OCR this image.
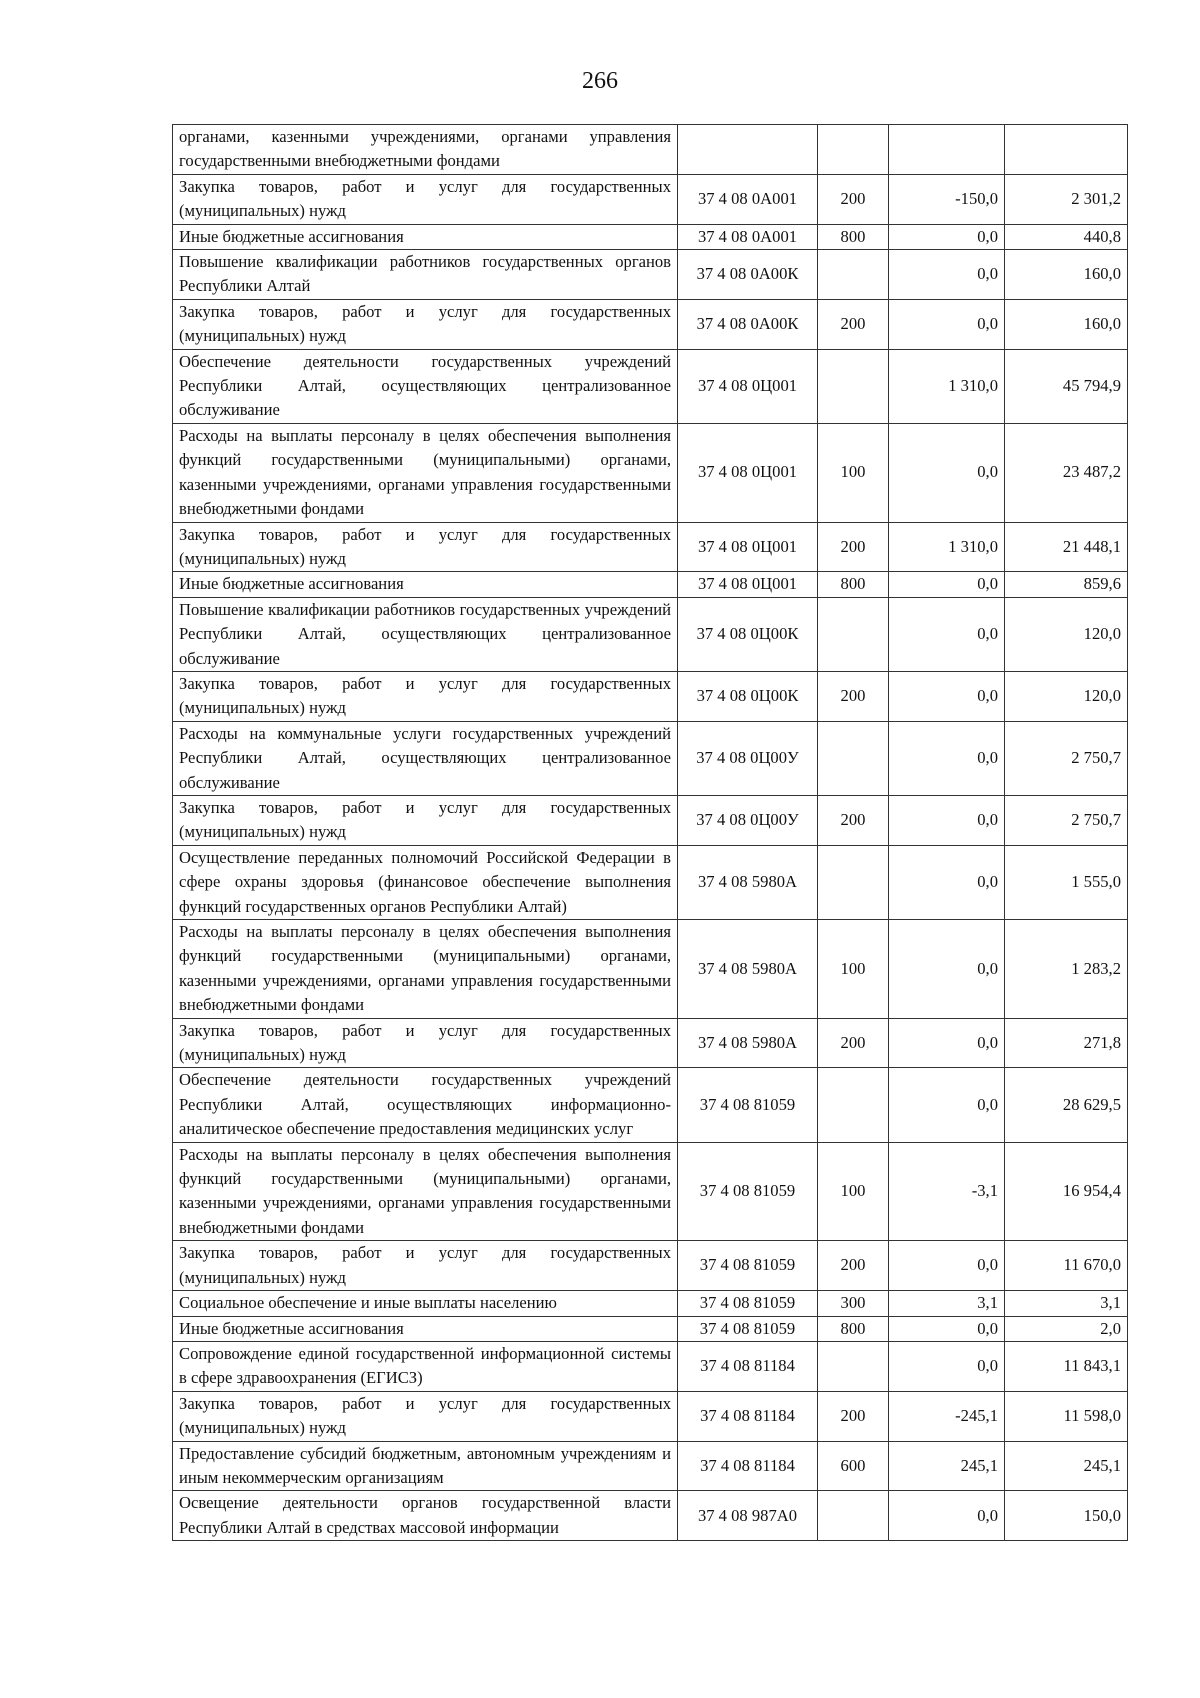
266
органами, казенными учреждениями, органами управления государственными внебюджетными фондами				
Закупка товаров, работ и услуг для государственных (муниципальных) нужд	37 4 08 0А001	200	-150,0	2 301,2
Иные бюджетные ассигнования	37 4 08 0А001	800	0,0	440,8
Повышение квалификации работников государственных органов Республики Алтай	37 4 08 0А00К		0,0	160,0
Закупка товаров, работ и услуг для государственных (муниципальных) нужд	37 4 08 0А00К	200	0,0	160,0
Обеспечение деятельности государственных учреждений Республики Алтай, осуществляющих централизованное обслуживание	37 4 08 0Ц001		1 310,0	45 794,9
Расходы на выплаты персоналу в целях обеспечения выполнения функций государственными (муниципальными) органами, казенными учреждениями, органами управления государственными внебюджетными фондами	37 4 08 0Ц001	100	0,0	23 487,2
Закупка товаров, работ и услуг для государственных (муниципальных) нужд	37 4 08 0Ц001	200	1 310,0	21 448,1
Иные бюджетные ассигнования	37 4 08 0Ц001	800	0,0	859,6
Повышение квалификации работников государственных учреждений Республики Алтай, осуществляющих централизованное обслуживание	37 4 08 0Ц00К		0,0	120,0
Закупка товаров, работ и услуг для государственных (муниципальных) нужд	37 4 08 0Ц00К	200	0,0	120,0
Расходы на коммунальные услуги государственных учреждений Республики Алтай, осуществляющих централизованное обслуживание	37 4 08 0Ц00У		0,0	2 750,7
Закупка товаров, работ и услуг для государственных (муниципальных) нужд	37 4 08 0Ц00У	200	0,0	2 750,7
Осуществление переданных полномочий Российской Федерации в сфере охраны здоровья (финансовое обеспечение выполнения функций государственных органов Республики Алтай)	37 4 08 5980А		0,0	1 555,0
Расходы на выплаты персоналу в целях обеспечения выполнения функций государственными (муниципальными) органами, казенными учреждениями, органами управления государственными внебюджетными фондами	37 4 08 5980А	100	0,0	1 283,2
Закупка товаров, работ и услуг для государственных (муниципальных) нужд	37 4 08 5980А	200	0,0	271,8
Обеспечение деятельности государственных учреждений Республики Алтай, осуществляющих информационно-аналитическое обеспечение предоставления медицинских услуг	37 4 08 81059		0,0	28 629,5
Расходы на выплаты персоналу в целях обеспечения выполнения функций государственными (муниципальными) органами, казенными учреждениями, органами управления государственными внебюджетными фондами	37 4 08 81059	100	-3,1	16 954,4
Закупка товаров, работ и услуг для государственных (муниципальных) нужд	37 4 08 81059	200	0,0	11 670,0
Социальное обеспечение и иные выплаты населению	37 4 08 81059	300	3,1	3,1
Иные бюджетные ассигнования	37 4 08 81059	800	0,0	2,0
Сопровождение единой государственной информационной системы в сфере здравоохранения (ЕГИСЗ)	37 4 08 81184		0,0	11 843,1
Закупка товаров, работ и услуг для государственных (муниципальных) нужд	37 4 08 81184	200	-245,1	11 598,0
Предоставление субсидий бюджетным, автономным учреждениям и иным некоммерческим организациям	37 4 08 81184	600	245,1	245,1
Освещение деятельности органов государственной власти Республики Алтай в средствах массовой информации	37 4 08 987А0		0,0	150,0
